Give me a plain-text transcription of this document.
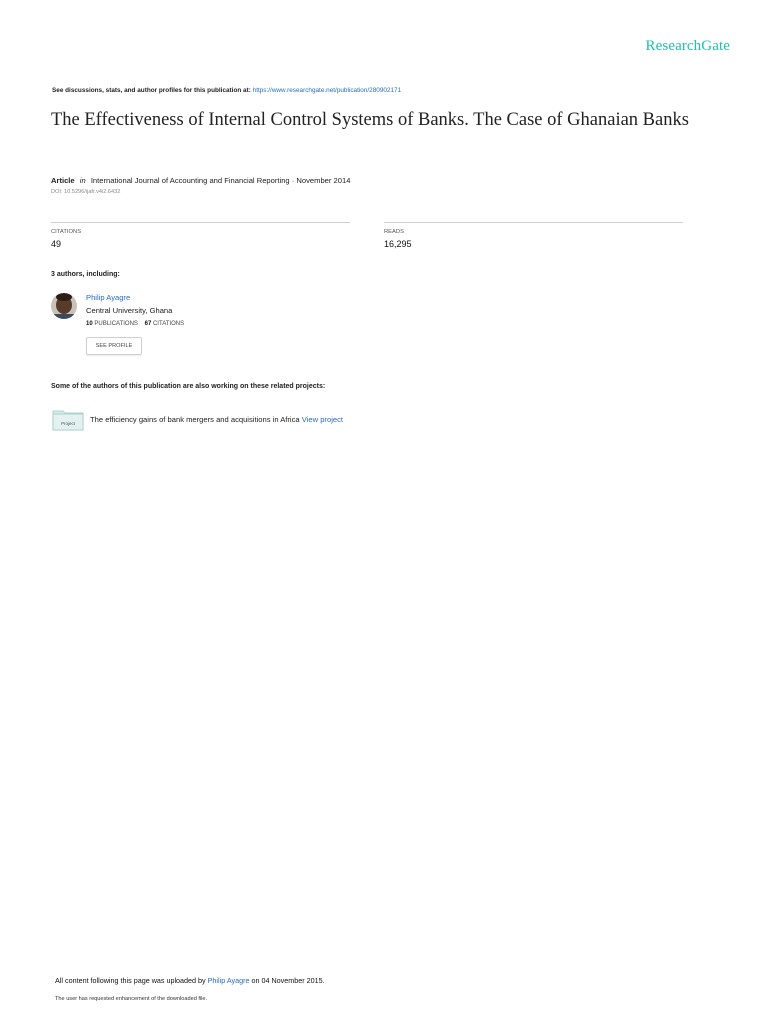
ResearchGate
See discussions, stats, and author profiles for this publication at: https://www.researchgate.net/publication/280902171
The Effectiveness of Internal Control Systems of Banks. The Case of Ghanaian Banks
Article in International Journal of Accounting and Financial Reporting · November 2014
DOI: 10.5296/ijafr.v4i2.6432
CITATIONS
49
READS
16,295
3 authors, including:
Philip Ayagre
Central University, Ghana
10 PUBLICATIONS 67 CITATIONS
SEE PROFILE
Some of the authors of this publication are also working on these related projects:
Project The efficiency gains of bank mergers and acquisitions in Africa View project
All content following this page was uploaded by Philip Ayagre on 04 November 2015.
The user has requested enhancement of the downloaded file.
